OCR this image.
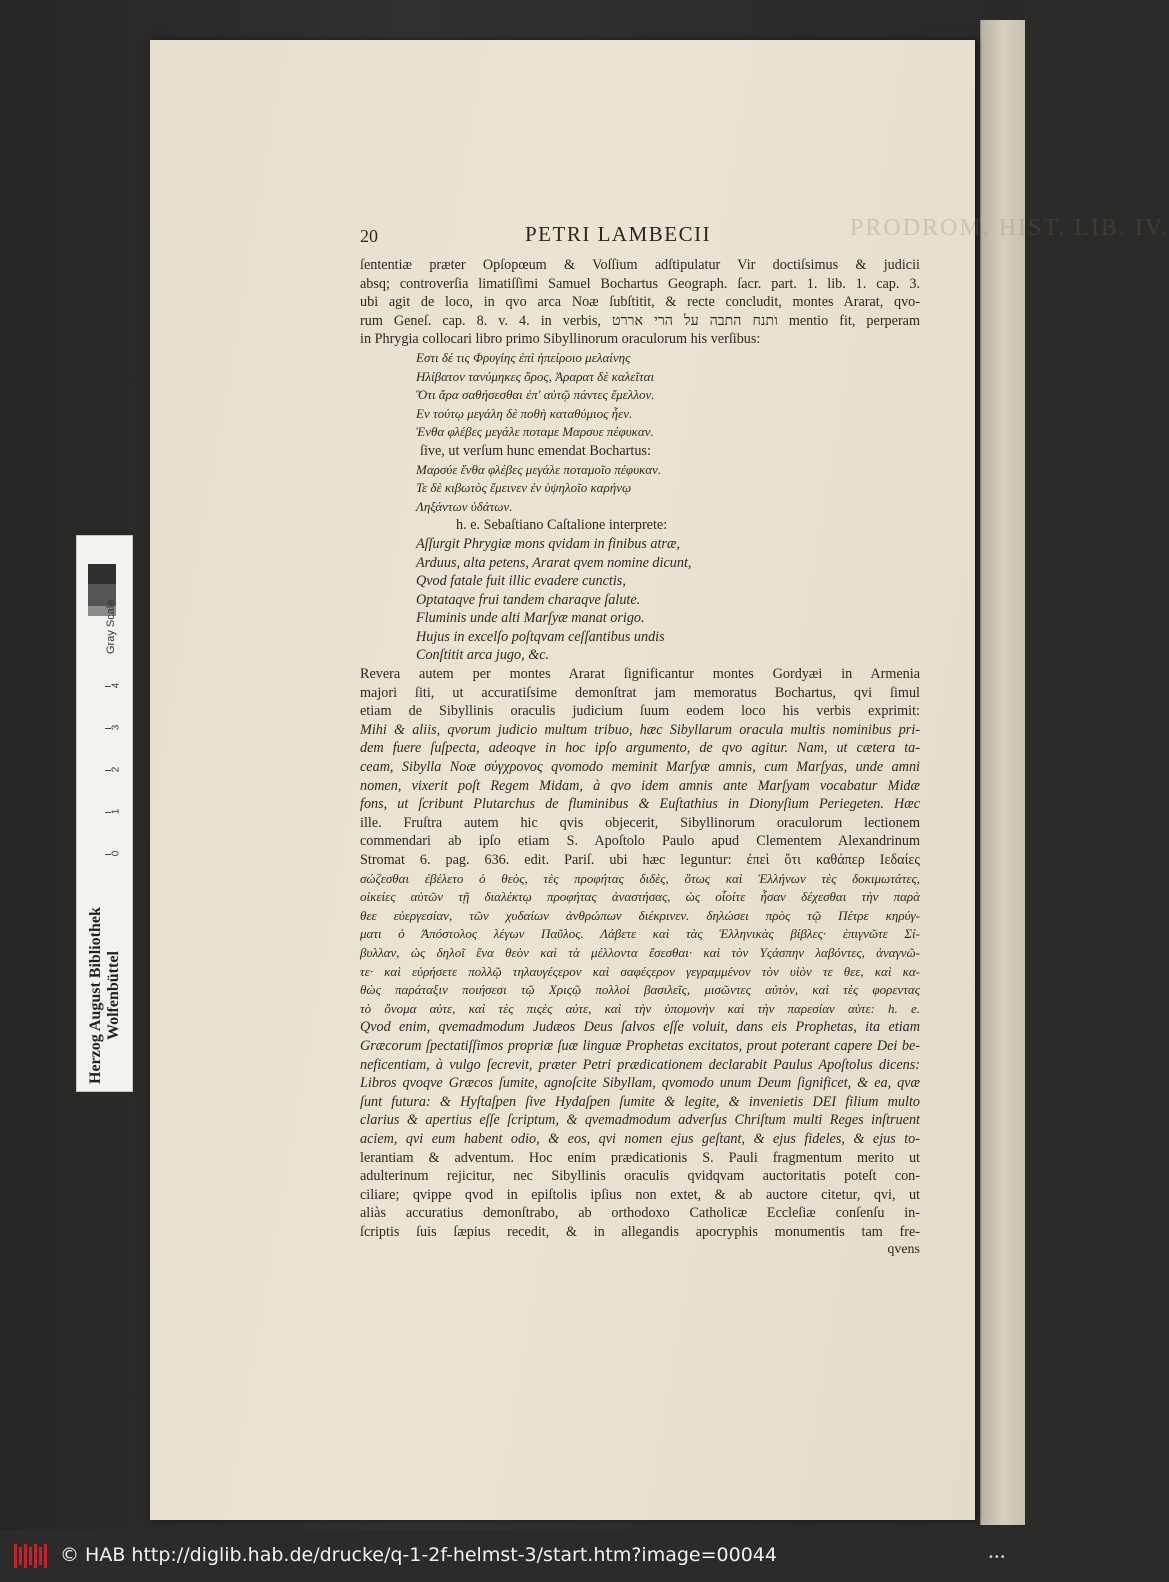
PRODROM. HIST. LIB. IV.
20	PETRI LAMBECII
ſententiæ præter Opſopœum & Voſſium adſtipulatur Vir doctiſsimus & judicii
absq; controverſia limatiſſimi Samuel Bochartus Geograph. ſacr. part. 1. lib. 1. cap. 3.
ubi agit de loco, in qvo arca Noæ ſubſtitit, & recte concludit, montes Ararat, qvo-
rum Geneſ. cap. 8. v. 4. in verbis, ותנח התבה על הרי אררט mentio fit, perperam
in Phrygia collocari libro primo Sibyllinorum oraculorum his verſibus:
Εστι δέ τις Φρυγίης ἐπὶ ἠπείροιο μελαίνης
Ηλίβατον τανύμηκες ὄρος, Ἀραρατ δὲ καλεῖται
Ὅτι ἄρα σαθήσεσθαι ἐπ' αὐτῷ πάντες ἔμελλον.
Εν τούτῳ μεγάλη δὲ ποθὴ καταθύμιος ἦεν.
Ἐνθα φλέβες μεγάλε ποταμε Μαρσυε πέφυκαν.
ſive, ut verſum hunc emendat Bochartus:
Μαρσύε ἔνθα φλέβες μεγάλε ποταμοῖο πέφυκαν.
Τε δὲ κιβωτὸς ἔμεινεν ἐν ὑψηλοῖο καρήνῳ
Ληξάντων ὑδάτων.
h. e. Sebaſtiano Caſtalione interprete:
Aſſurgit Phrygiæ mons qvidam in finibus atræ,
Arduus, alta petens, Ararat qvem nomine dicunt,
Qvod fatale fuit illic evadere cunctis,
Optataqve frui tandem charaqve ſalute.
Fluminis unde alti Marſyæ manat origo.
Hujus in excelſo poſtqvam ceſſantibus undis
Conſtitit arca jugo, &c.
Revera autem per montes Ararat ſignificantur montes Gordyæi in Armenia
majori ſiti, ut accuratiſsime demonſtrat jam memoratus Bochartus, qvi ſimul
etiam de Sibyllinis oraculis judicium ſuum eodem loco his verbis exprimit:
Mihi & aliis, qvorum judicio multum tribuo, hæc Sibyllarum oracula multis nominibus pri-
dem fuere ſuſpecta, adeoqve in hoc ipſo argumento, de qvo agitur. Nam, ut cætera ta-
ceam, Sibylla Noæ σύγχρονος qvomodo meminit Marſyæ amnis, cum Marſyas, unde amni
nomen, vixerit poſt Regem Midam, à qvo idem amnis ante Marſyam vocabatur Midæ
fons, ut ſcribunt Plutarchus de fluminibus & Euſtathius in Dionyſium Periegeten. Hæc
ille. Fruſtra autem hic qvis objecerit, Sibyllinorum oraculorum lectionem
commendari ab ipſo etiam S. Apoſtolo Paulo apud Clementem Alexandrinum
Stromat 6. pag. 636. edit. Pariſ. ubi hæc leguntur: ἐπεὶ ὅτι καθάπερ Ιεδαίες
σώζεσθαι ἐβέλετο ὁ θεὸς, τὲς προφήτας διδὲς, ὅτως καὶ Ἑλλήνων τὲς δοκιμωτάτες,
οἰκείες αὐτῶν τῇ διαλέκτῳ προφήτας ἀναστήσας, ὡς οἷοίτε ἦσαν δέχεσθαι τὴν παρὰ
θεε εὐεργεσίαν, τῶν χυδαίων ἀνθρώπων διέκρινεν. δηλώσει πρὸς τῷ Πέτρε κηρύγ-
ματι ὁ Ἀπόστολος λέγων Παῦλος. Λάβετε καὶ τὰς Ἑλληνικὰς βίβλες· ἐπιγνῶτε Σί-
βυλλαν, ὡς δηλοῖ ἕνα θεὸν καὶ τὰ μέλλοντα ἔσεσθαι· καὶ τὸν Υςάσπην λαβόντες, ἀναγνῶ-
τε· καὶ εὑρήσετε πολλῷ τηλαυγέςερον καὶ σαφέςερον γεγραμμένον τὸν υἱὸν τε θεε, καὶ κα-
θὼς παράταξιν ποιήσεσι τῷ Χριςῷ πολλοὶ βασιλεῖς, μισῶντες αὐτὸν, καὶ τὲς φορεντας
τὸ ὄνομα αὐτε, καὶ τὲς πιςὲς αὐτε, καὶ τὴν ὑπομονὴν καὶ τὴν παρεσίαν αὐτε: h. e.
Qvod enim, qvemadmodum Judæos Deus ſalvos eſſe voluit, dans eis Prophetas, ita etiam
Græcorum ſpectatiſſimos propriæ ſuæ linguæ Prophetas excitatos, prout poterant capere Dei be-
neficentiam, à vulgo ſecrevit, præter Petri prædicationem declarabit Paulus Apoſtolus dicens:
Libros qvoqve Græcos ſumite, agnoſcite Sibyllam, qvomodo unum Deum ſignificet, & ea, qvæ
ſunt futura: & Hyſtaſpen ſive Hydaſpen ſumite & legite, & invenietis DEI filium multo
clarius & apertius eſſe ſcriptum, & qvemadmodum adverſus Chriſtum multi Reges inſtruent
aciem, qvi eum habent odio, & eos, qvi nomen ejus geſtant, & ejus fideles, & ejus to-
lerantiam & adventum. Hoc enim prædicationis S. Pauli fragmentum merito ut
adulterinum rejicitur, nec Sibyllinis oraculis qvidqvam auctoritatis poteſt con-
ciliare; qvippe qvod in epiſtolis ipſius non extet, & ab auctore citetur, qvi, ut
aliàs accuratius demonſtrabo, ab orthodoxo Catholicæ Eccleſiæ conſenſu in-
ſcriptis ſuis ſæpius recedit, & in allegandis apocryphis monumentis tam fre-
qvens
Gray Scale
4
3
2
1
0
Herzog August Bibliothek Wolfenbüttel
© HAB http://diglib.hab.de/drucke/q-1-2f-helmst-3/start.htm?image=00044	•••
